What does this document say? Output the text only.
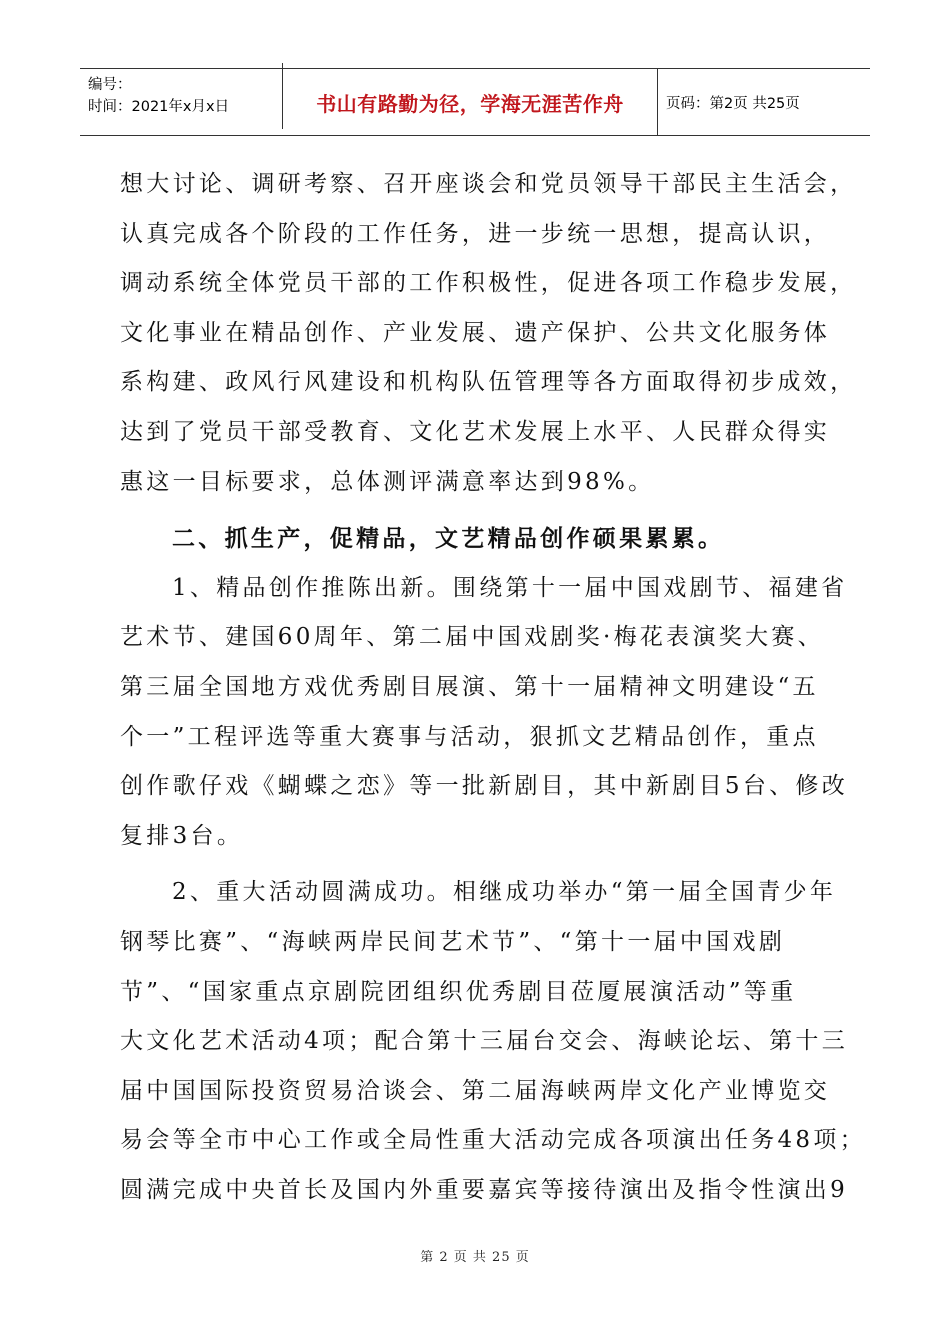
编号：
时间：2021年x月x日	书山有路勤为径，学海无涯苦作舟	页码：第2页 共25页
想大讨论、调研考察、召开座谈会和党员领导干部民主生活会，
认真完成各个阶段的工作任务，进一步统一思想，提高认识，
调动系统全体党员干部的工作积极性，促进各项工作稳步发展，
文化事业在精品创作、产业发展、遗产保护、公共文化服务体
系构建、政风行风建设和机构队伍管理等各方面取得初步成效，
达到了党员干部受教育、文化艺术发展上水平、人民群众得实
惠这一目标要求，总体测评满意率达到98%。
二、抓生产，促精品，文艺精品创作硕果累累。
1、精品创作推陈出新。围绕第十一届中国戏剧节、福建省
艺术节、建国60周年、第二届中国戏剧奖·梅花表演奖大赛、
第三届全国地方戏优秀剧目展演、第十一届精神文明建设“五
个一”工程评选等重大赛事与活动，狠抓文艺精品创作，重点
创作歌仔戏《蝴蝶之恋》等一批新剧目，其中新剧目5台、修改
复排3台。
2、重大活动圆满成功。相继成功举办“第一届全国青少年
钢琴比赛”、“海峡两岸民间艺术节”、“第十一届中国戏剧
节”、“国家重点京剧院团组织优秀剧目莅厦展演活动”等重
大文化艺术活动4项；配合第十三届台交会、海峡论坛、第十三
届中国国际投资贸易洽谈会、第二届海峡两岸文化产业博览交
易会等全市中心工作或全局性重大活动完成各项演出任务48项；
圆满完成中央首长及国内外重要嘉宾等接待演出及指令性演出9
第 2 页 共 25 页
